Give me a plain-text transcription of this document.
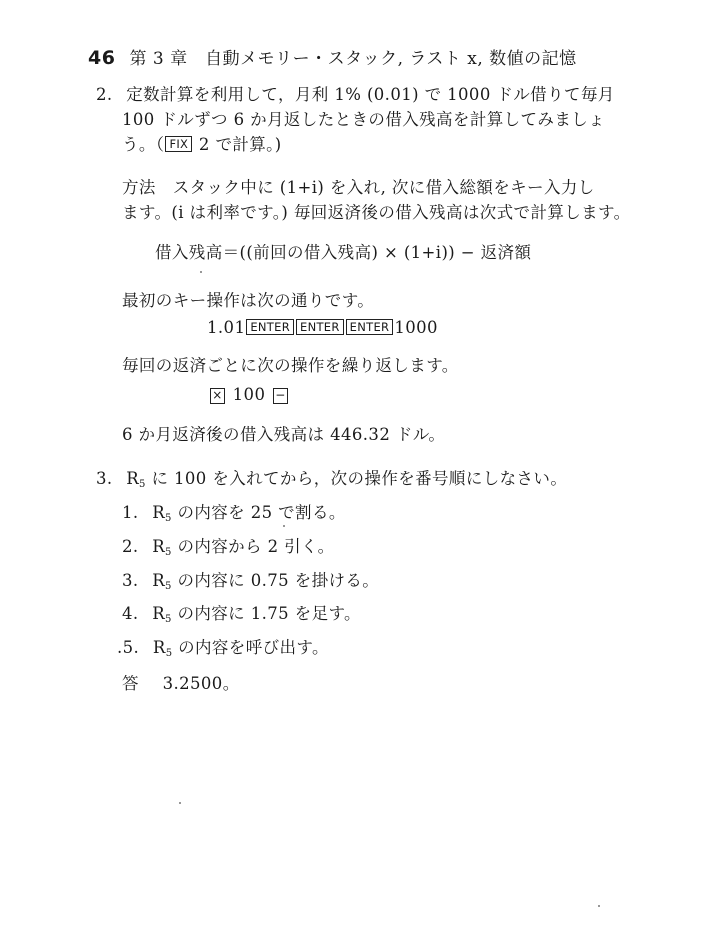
46 第 3 章　自動メモリー・スタック, ラスト x, 数値の記憶
2. 定数計算を利用して，月利 1% (0.01) で 1000 ドル借りて毎月
100 ドルずつ 6 か月返したときの借入残高を計算してみましょ
う。（ FIX 2 で計算。)
方法　スタック中に (1+i) を入れ, 次に借入総額をキー入力し
ます。(i は利率です。) 毎回返済後の借入残高は次式で計算します。
借入残高＝((前回の借入残高) × (1+i)) − 返済額
最初のキー操作は次の通りです。
1.01 ENTER ENTER ENTER 1000
毎回の返済ごとに次の操作を繰り返します。
× 100 −
6 か月返済後の借入残高は 446.32 ドル。
3. $R_5$ に 100 を入れてから，次の操作を番号順にしなさい。
1. $R_5$ の内容を 25 で割る。
2. $R_5$ の内容から 2 引く。
3. $R_5$ の内容に 0.75 を掛ける。
4. $R_5$ の内容に 1.75 を足す。
.5. $R_5$ の内容を呼び出す。
答 3.2500。
